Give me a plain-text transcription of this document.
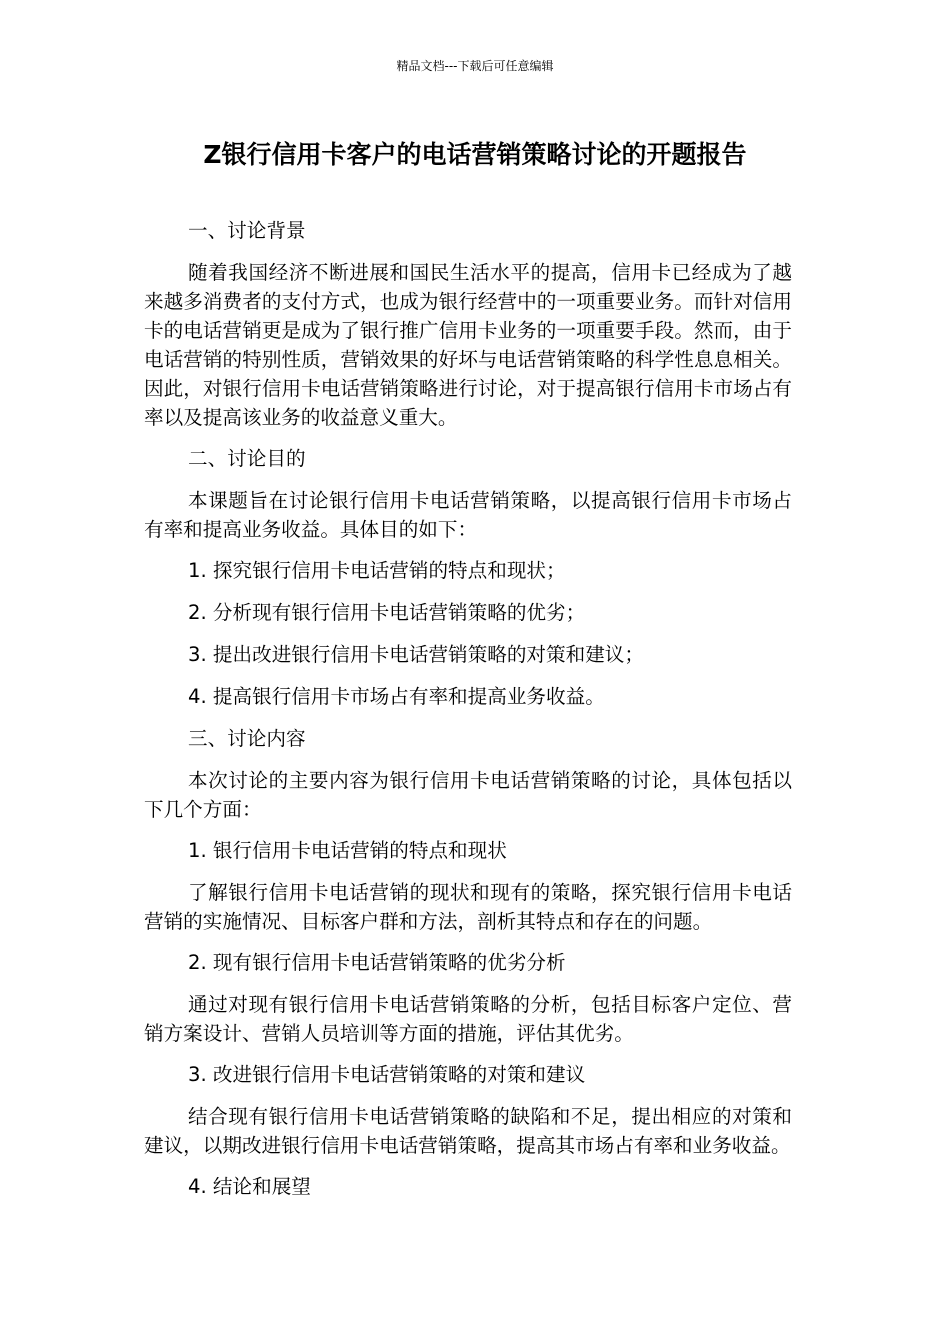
精品文档---下载后可任意编辑
Z银行信用卡客户的电话营销策略讨论的开题报告

一、讨论背景

随着我国经济不断进展和国民生活水平的提高，信用卡已经成为了越来越多消费者的支付方式，也成为银行经营中的一项重要业务。而针对信用卡的电话营销更是成为了银行推广信用卡业务的一项重要手段。然而，由于电话营销的特别性质，营销效果的好坏与电话营销策略的科学性息息相关。因此，对银行信用卡电话营销策略进行讨论，对于提高银行信用卡市场占有率以及提高该业务的收益意义重大。

二、讨论目的

本课题旨在讨论银行信用卡电话营销策略，以提高银行信用卡市场占有率和提高业务收益。具体目的如下：

1. 探究银行信用卡电话营销的特点和现状；

2. 分析现有银行信用卡电话营销策略的优劣；

3. 提出改进银行信用卡电话营销策略的对策和建议；

4. 提高银行信用卡市场占有率和提高业务收益。

三、讨论内容

本次讨论的主要内容为银行信用卡电话营销策略的讨论，具体包括以下几个方面：

1. 银行信用卡电话营销的特点和现状

了解银行信用卡电话营销的现状和现有的策略，探究银行信用卡电话营销的实施情况、目标客户群和方法，剖析其特点和存在的问题。

2. 现有银行信用卡电话营销策略的优劣分析

通过对现有银行信用卡电话营销策略的分析，包括目标客户定位、营销方案设计、营销人员培训等方面的措施，评估其优劣。

3. 改进银行信用卡电话营销策略的对策和建议

结合现有银行信用卡电话营销策略的缺陷和不足，提出相应的对策和建议，以期改进银行信用卡电话营销策略，提高其市场占有率和业务收益。

4. 结论和展望
